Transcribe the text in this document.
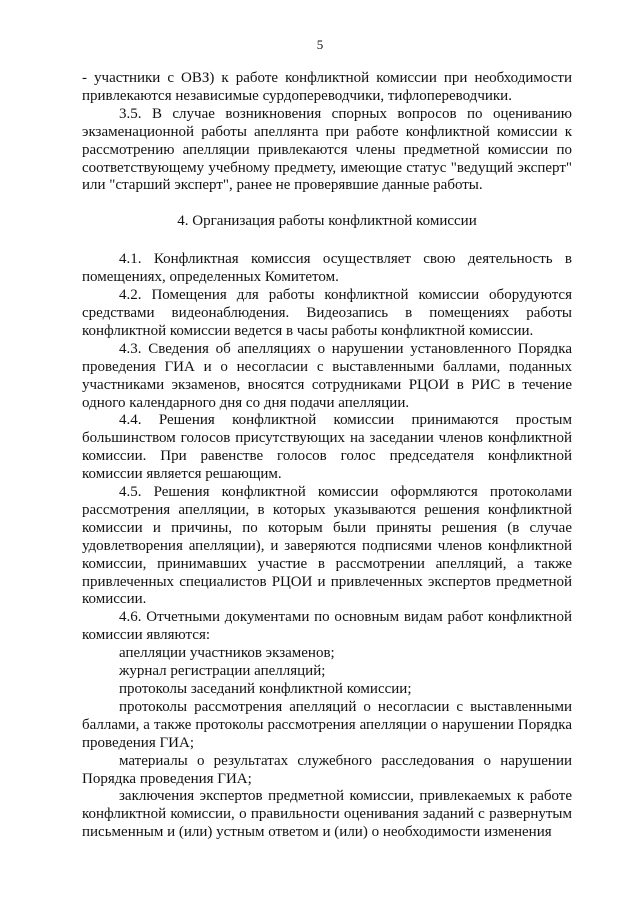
5

- участники с ОВЗ) к работе конфликтной комиссии при необходимости привлекаются независимые сурдопереводчики, тифлопереводчики.

3.5. В случае возникновения спорных вопросов по оцениванию экзаменационной работы апеллянта при работе конфликтной комиссии к рассмотрению апелляции привлекаются члены предметной комиссии по соответствующему учебному предмету, имеющие статус "ведущий эксперт" или "старший эксперт", ранее не проверявшие данные работы.

4. Организация работы конфликтной комиссии

4.1. Конфликтная комиссия осуществляет свою деятельность в помещениях, определенных Комитетом.

4.2. Помещения для работы конфликтной комиссии оборудуются средствами видеонаблюдения. Видеозапись в помещениях работы конфликтной комиссии ведется в часы работы конфликтной комиссии.

4.3. Сведения об апелляциях о нарушении установленного Порядка проведения ГИА и о несогласии с выставленными баллами, поданных участниками экзаменов, вносятся сотрудниками РЦОИ в РИС в течение одного календарного дня со дня подачи апелляции.

4.4. Решения конфликтной комиссии принимаются простым большинством голосов присутствующих на заседании членов конфликтной комиссии. При равенстве голосов голос председателя конфликтной комиссии является решающим.

4.5. Решения конфликтной комиссии оформляются протоколами рассмотрения апелляции, в которых указываются решения конфликтной комиссии и причины, по которым были приняты решения (в случае удовлетворения апелляции), и заверяются подписями членов конфликтной комиссии, принимавших участие в рассмотрении апелляций, а также привлеченных специалистов РЦОИ и привлеченных экспертов предметной комиссии.

4.6. Отчетными документами по основным видам работ конфликтной комиссии являются:

апелляции участников экзаменов;

журнал регистрации апелляций;

протоколы заседаний конфликтной комиссии;

протоколы рассмотрения апелляций о несогласии с выставленными баллами, а также протоколы рассмотрения апелляции о нарушении Порядка проведения ГИА;

материалы о результатах служебного расследования о нарушении Порядка проведения ГИА;

заключения экспертов предметной комиссии, привлекаемых к работе конфликтной комиссии, о правильности оценивания заданий с развернутым письменным и (или) устным ответом и (или) о необходимости изменения
